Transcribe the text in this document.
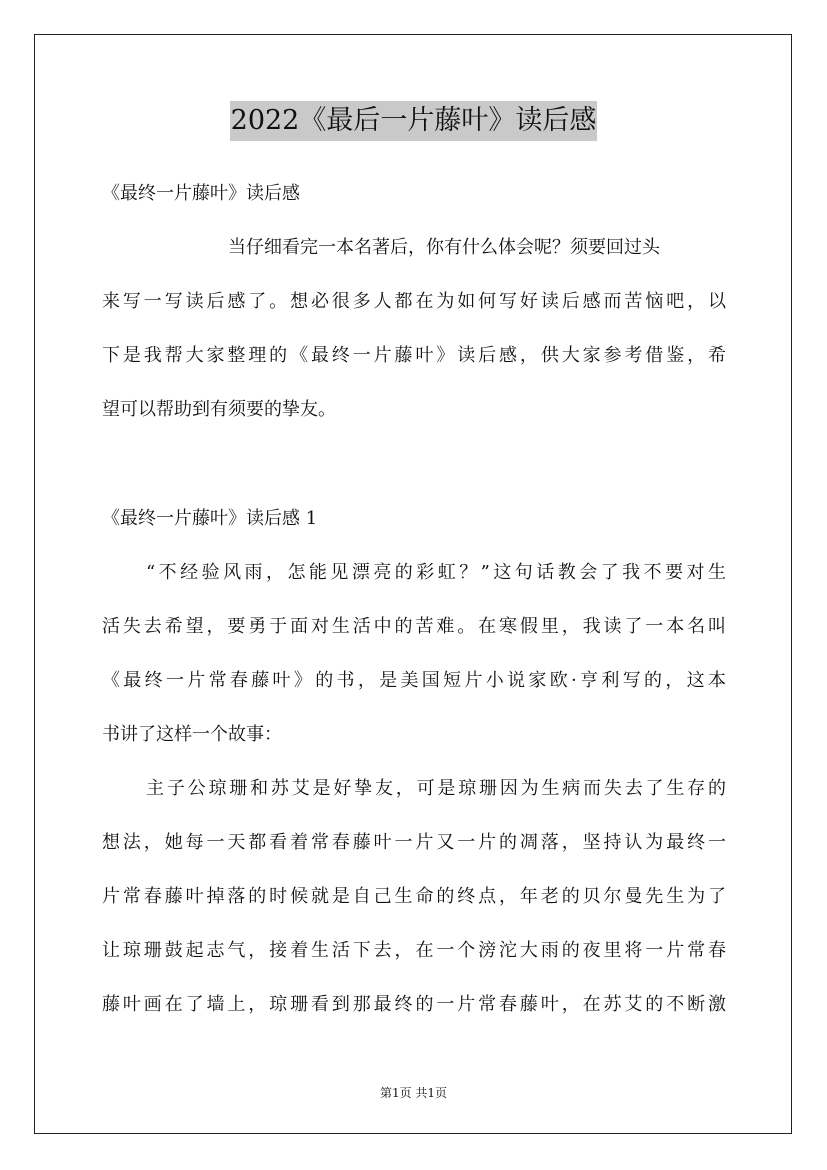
2022《最后一片藤叶》读后感
《最终一片藤叶》读后感
当仔细看完一本名著后，你有什么体会呢？须要回过头
来写一写读后感了。想必很多人都在为如何写好读后感而苦恼吧，以
下是我帮大家整理的《最终一片藤叶》读后感，供大家参考借鉴，希
望可以帮助到有须要的挚友。
《最终一片藤叶》读后感 1
“不经验风雨，怎能见漂亮的彩虹？”这句话教会了我不要对生
活失去希望，要勇于面对生活中的苦难。在寒假里，我读了一本名叫
《最终一片常春藤叶》的书，是美国短片小说家欧·亨利写的，这本
书讲了这样一个故事：
主子公琼珊和苏艾是好挚友，可是琼珊因为生病而失去了生存的
想法，她每一天都看着常春藤叶一片又一片的凋落，坚持认为最终一
片常春藤叶掉落的时候就是自己生命的终点，年老的贝尔曼先生为了
让琼珊鼓起志气，接着生活下去，在一个滂沱大雨的夜里将一片常春
藤叶画在了墙上，琼珊看到那最终的一片常春藤叶，在苏艾的不断激
第1页 共1页
